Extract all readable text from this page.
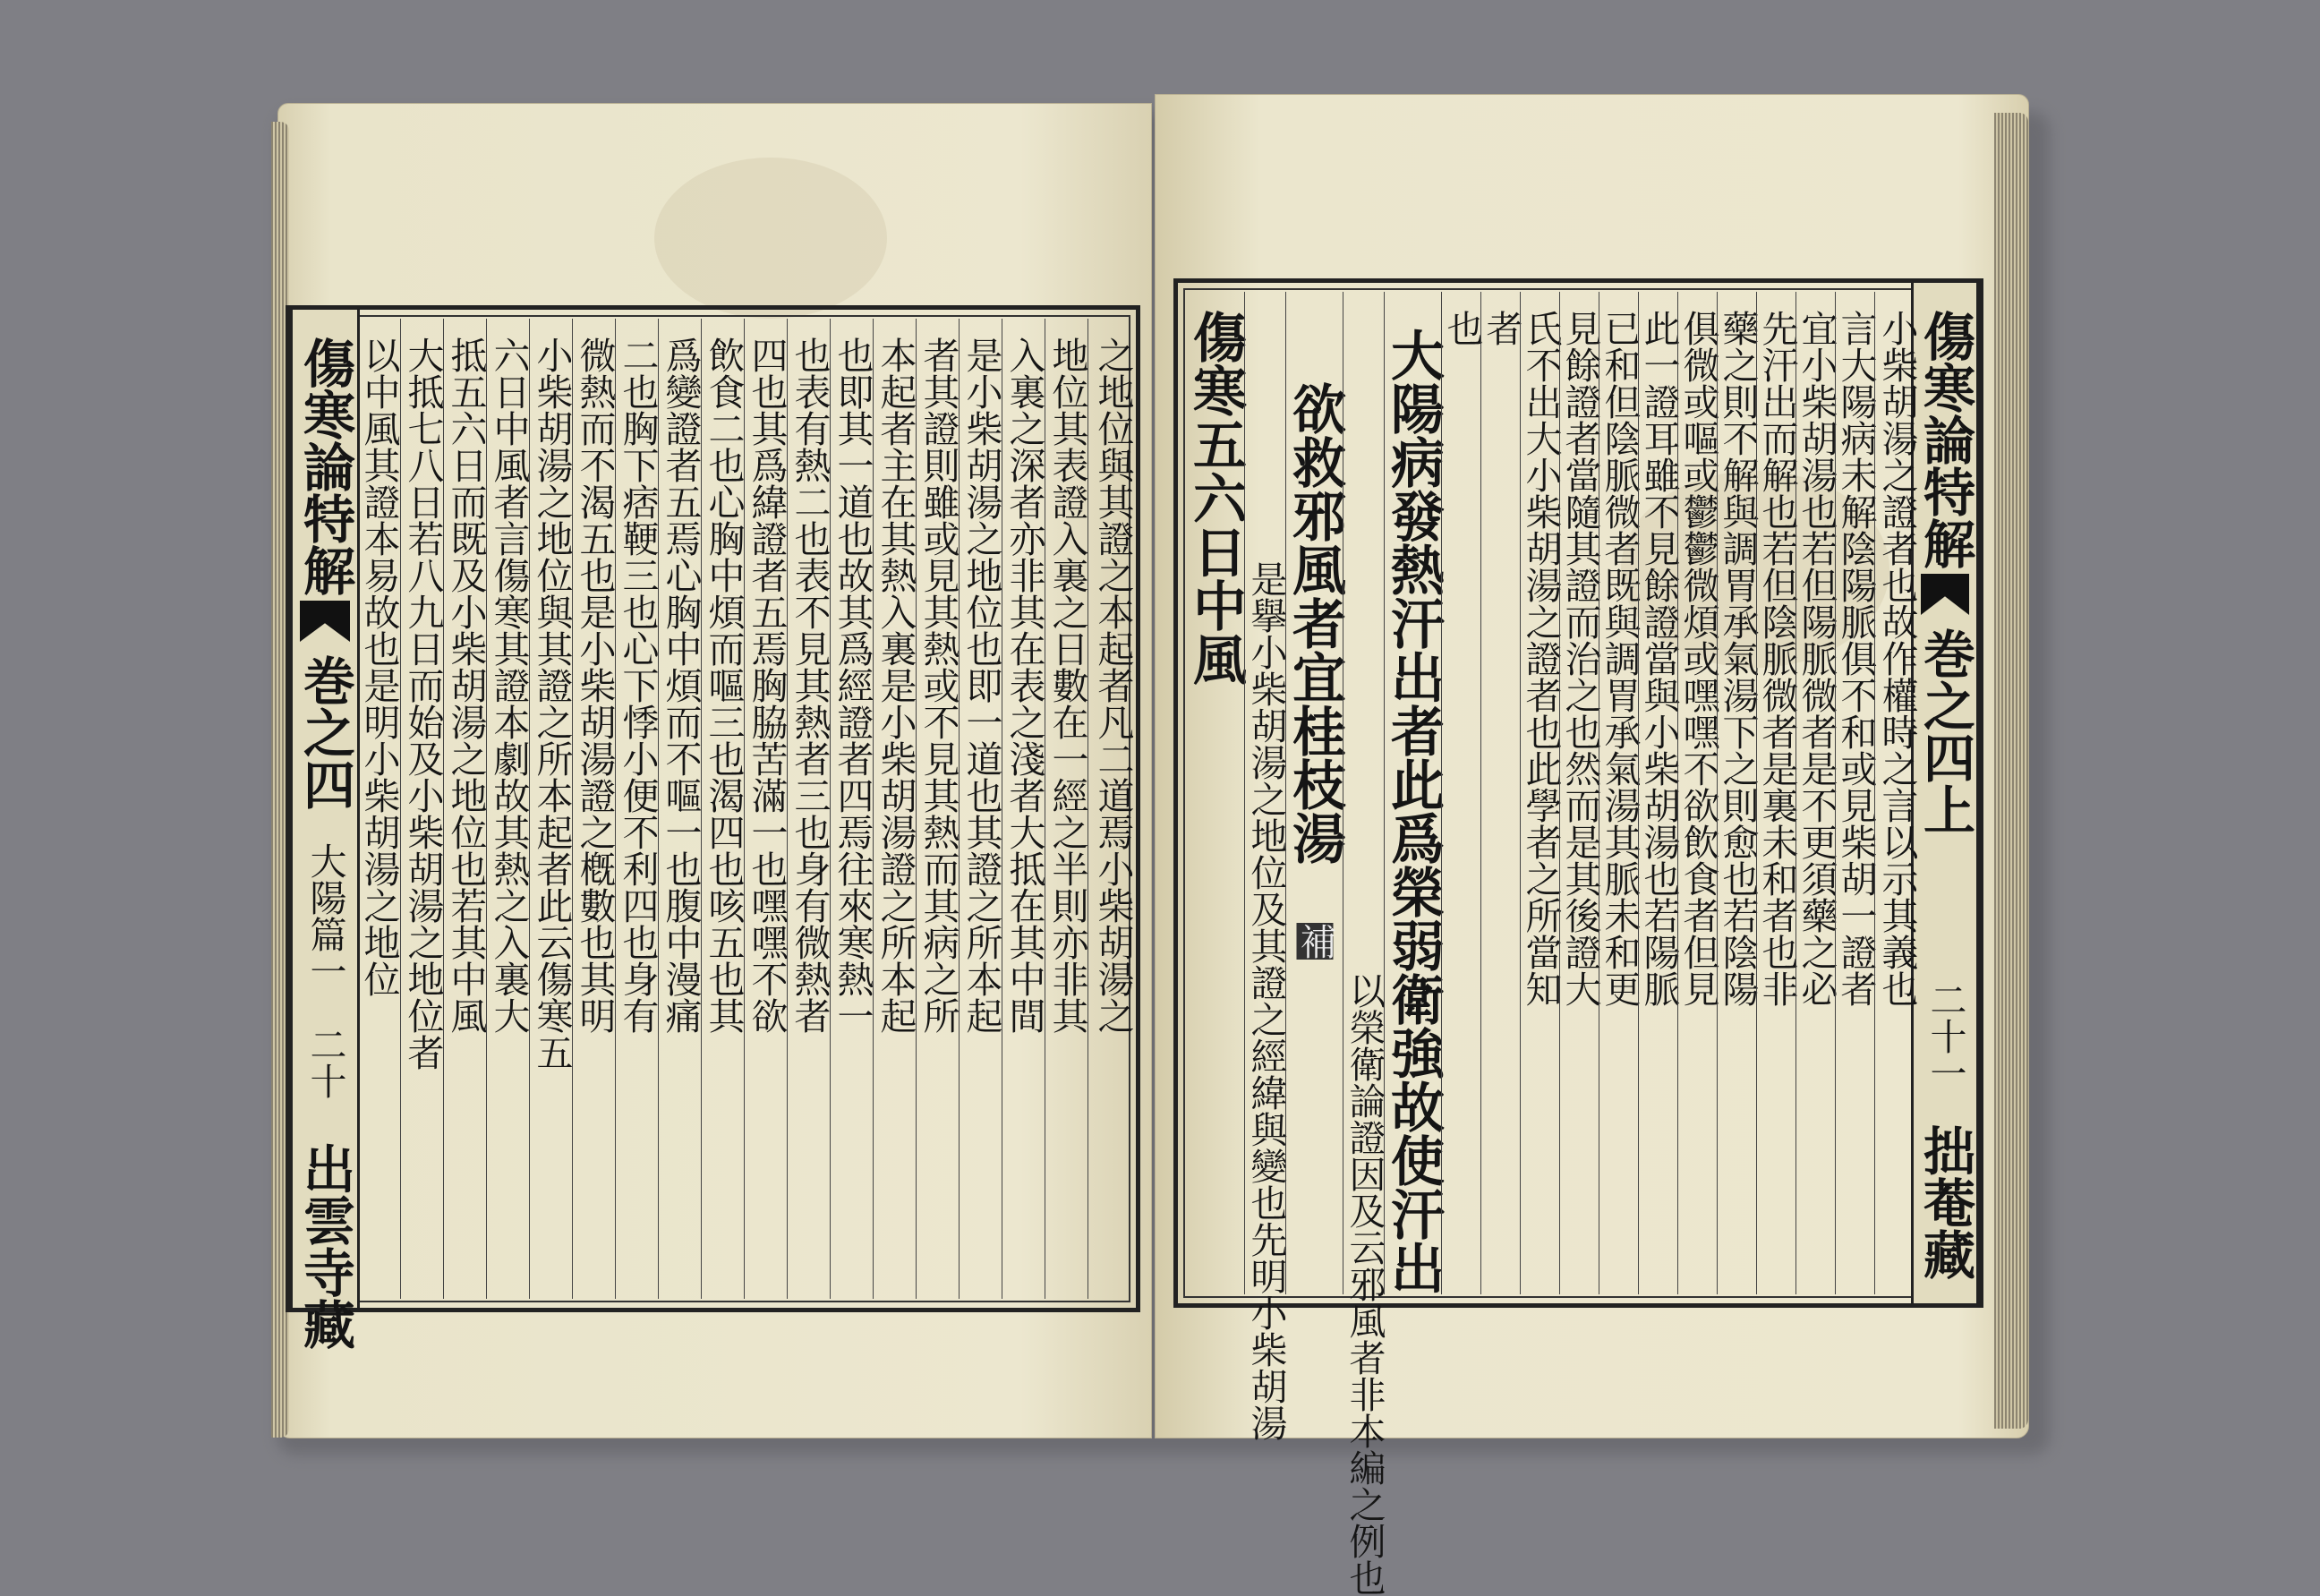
傷寒論特解
巻之四
大陽篇一
二十
出雲寺藏
以中風其證本易故也是明小柴胡湯之地位 大抵七八日若八九日而始及小柴胡湯之地位者 抵五六日而既及小柴胡湯之地位也若其中風 六日中風者言傷寒其證本劇故其熱之入裏大 小柴胡湯之地位與其證之所本起者此云傷寒五 微熱而不渴五也是小柴胡湯證之槪數也其明 二也胸下痞鞕三也心下悸小便不利四也身有 爲變證者五焉心胸中煩而不嘔一也腹中漫痛 飲食二也心胸中煩而嘔三也渴四也咳五也其 四也其爲緯證者五焉胸脇苦滿一也嘿嘿不欲 也表有熱二也表不見其熱者三也身有微熱者 也即其一道也故其爲經證者四焉往來寒熱一 本起者主在其熱入裏是小柴胡湯證之所本起 者其證則雖或見其熱或不見其熱而其病之所 是小柴胡湯之地位也即一道也其證之所本起 入裏之深者亦非其在表之淺者大抵在其中間 地位其表證入裏之日數在一經之半則亦非其 之地位與其證之本起者凡二道焉小柴胡湯之	傷寒論特解
巻之四上
二十一
拙菴藏
傷寒五六日中風
是擧小柴胡湯之地位及其證之經緯與變也先明小柴胡湯
欲救邪風者宜桂枝湯
補
以榮衛論證因及云邪風者非本編之例也
大陽病發熱汗出者此爲榮弱衛強故使汗出
也
者
氏不出大小柴胡湯之證者也此學者之所當知
見餘證者當隨其證而治之也然而是其後證大
已和但陰脈微者既與調胃承氣湯其脈未和更
此一證耳雖不見餘證當與小柴胡湯也若陽脈
俱微或嘔或鬱鬱微煩或嘿嘿不欲飲食者但見
藥之則不解與調胃承氣湯下之則愈也若陰陽
先汗出而解也若但陰脈微者是裏未和者也非
宜小柴胡湯也若但陽脈微者是不更須藥之必
言大陽病未解陰陽脈俱不和或見柴胡一證者
小柴胡湯之證者也故作權時之言以示其義也
